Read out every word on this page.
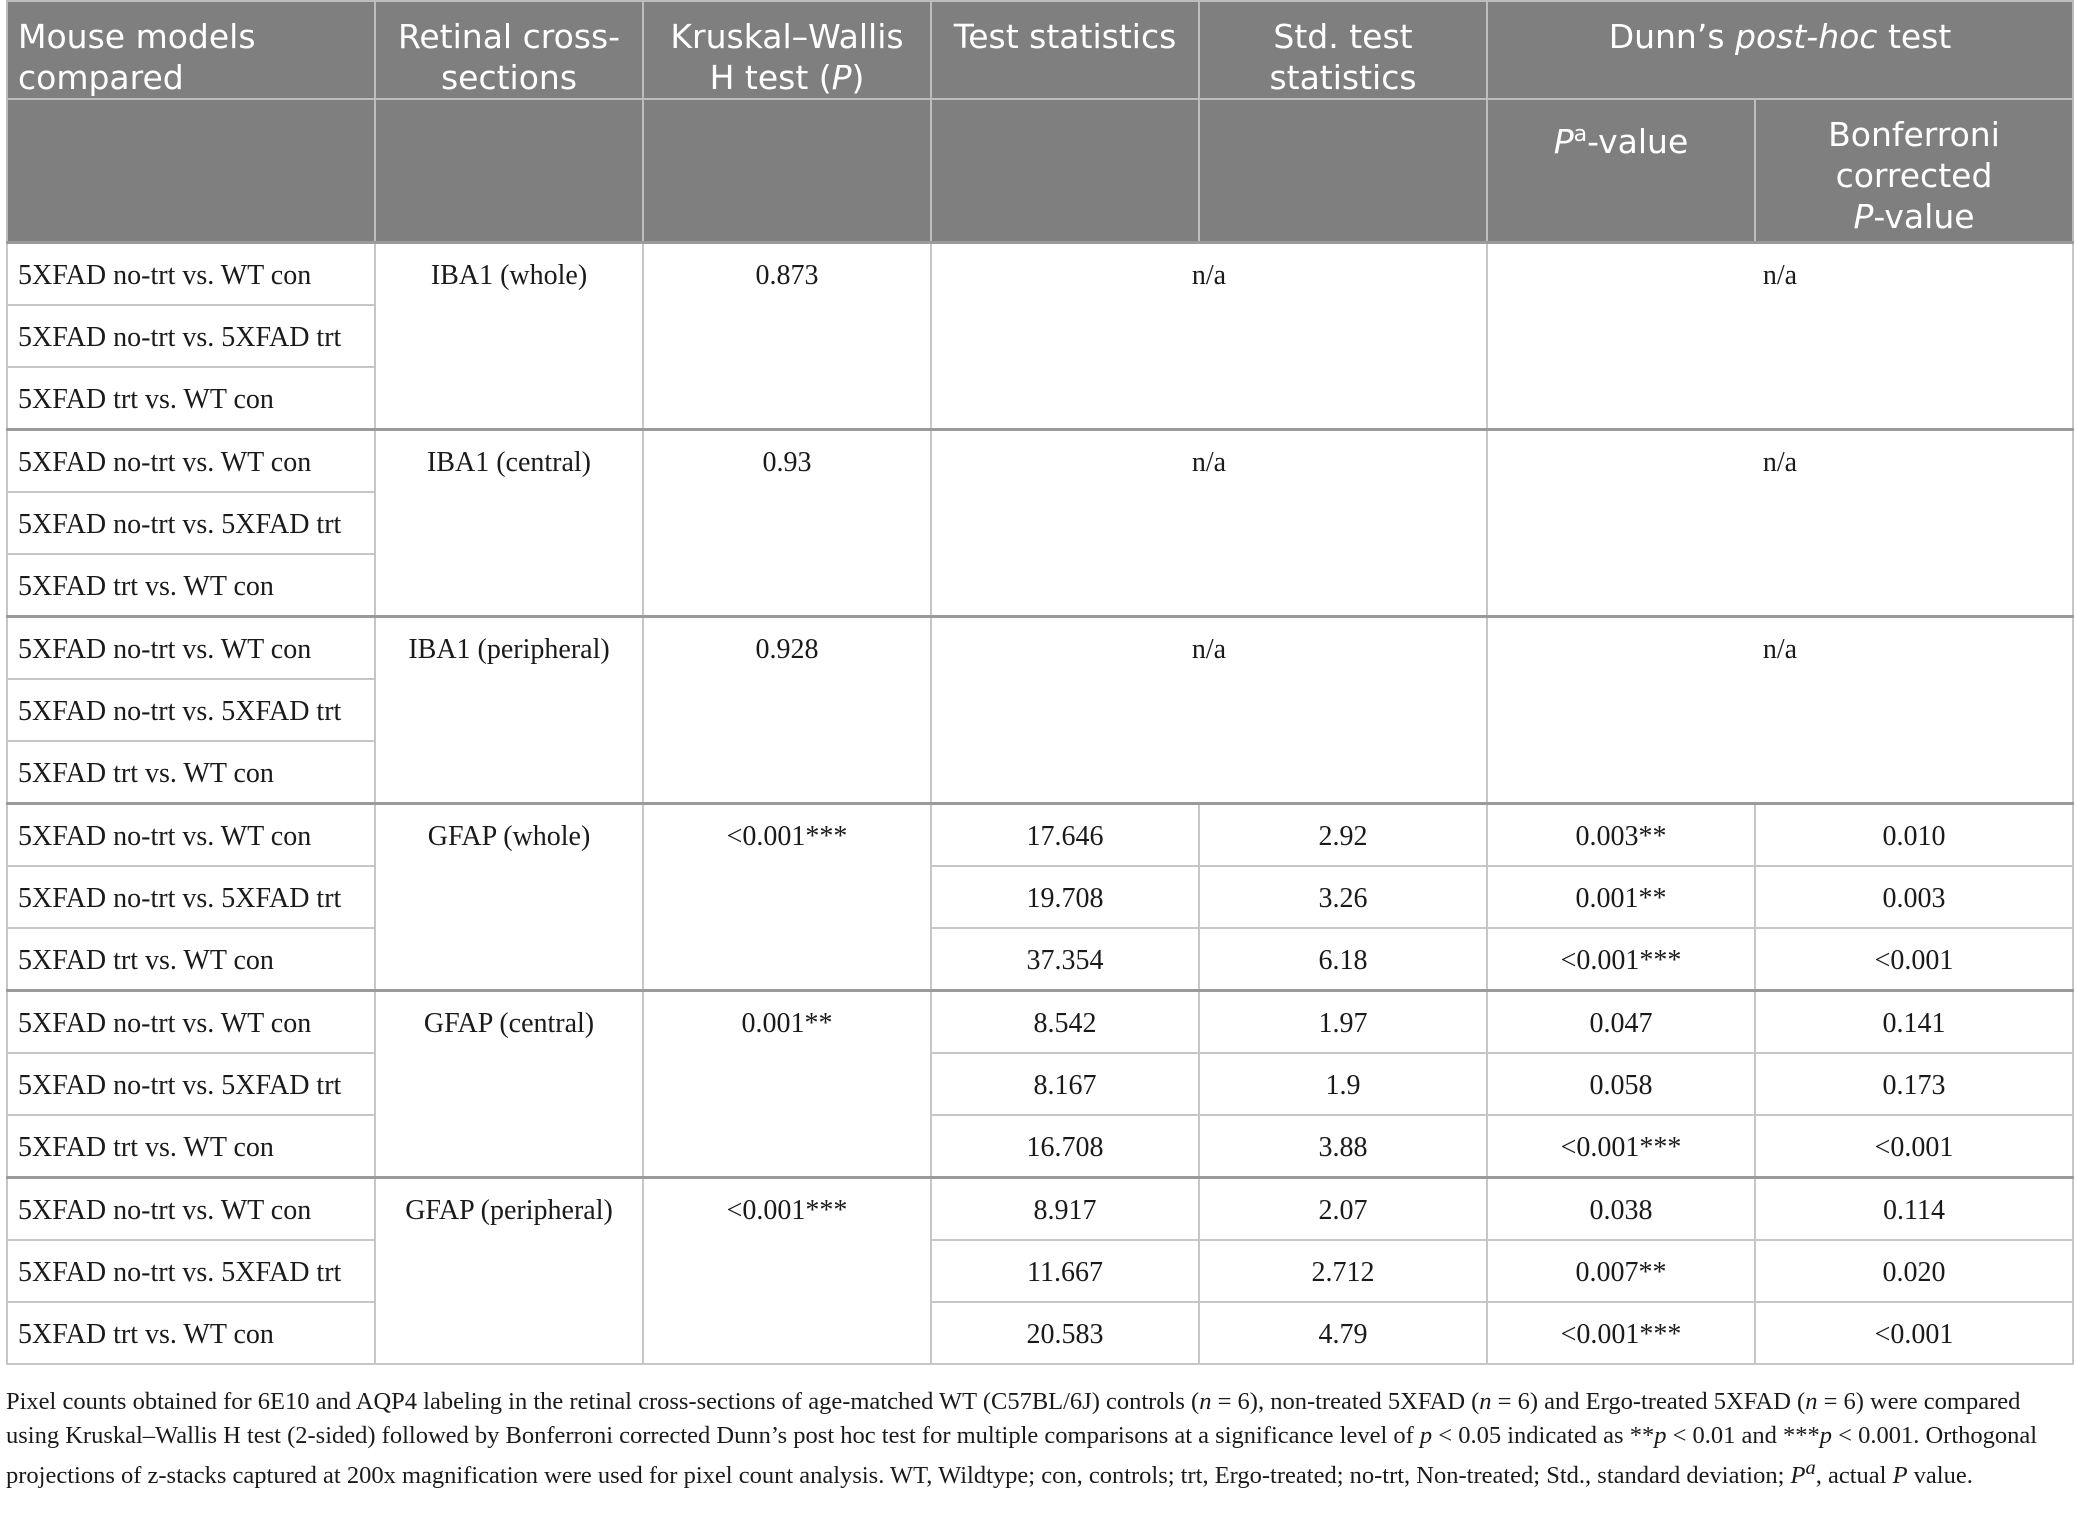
Mouse models compared	Retinal cross-sections	Kruskal–Wallis H test (P)	Test statistics	Std. test statistics	Dunn’s post-hoc test	
					$P^a$-value	Bonferroni corrected
P-value
5XFAD no-trt vs. WT con	IBA1 (whole)	0.873	n/a		n/a	
5XFAD no-trt vs. 5XFAD trt						
5XFAD trt vs. WT con						
5XFAD no-trt vs. WT con	IBA1 (central)	0.93	n/a		n/a	
5XFAD no-trt vs. 5XFAD trt						
5XFAD trt vs. WT con						
5XFAD no-trt vs. WT con	IBA1 (peripheral)	0.928	n/a		n/a	
5XFAD no-trt vs. 5XFAD trt						
5XFAD trt vs. WT con						
5XFAD no-trt vs. WT con	GFAP (whole)	<0.001***	17.646	2.92	0.003**	0.010
5XFAD no-trt vs. 5XFAD trt			19.708	3.26	0.001**	0.003
5XFAD trt vs. WT con			37.354	6.18	<0.001***	<0.001
5XFAD no-trt vs. WT con	GFAP (central)	0.001**	8.542	1.97	0.047	0.141
5XFAD no-trt vs. 5XFAD trt			8.167	1.9	0.058	0.173
5XFAD trt vs. WT con			16.708	3.88	<0.001***	<0.001
5XFAD no-trt vs. WT con	GFAP (peripheral)	<0.001***	8.917	2.07	0.038	0.114
5XFAD no-trt vs. 5XFAD trt			11.667	2.712	0.007**	0.020
5XFAD trt vs. WT con			20.583	4.79	<0.001***	<0.001

Pixel counts obtained for 6E10 and AQP4 labeling in the retinal cross-sections of age-matched WT (C57BL/6J) controls (n = 6), non-treated 5XFAD (n = 6) and Ergo-treated 5XFAD (n = 6) were compared using Kruskal–Wallis H test (2-sided) followed by Bonferroni corrected Dunn’s post hoc test for multiple comparisons at a significance level of p < 0.05 indicated as **p < 0.01 and ***p < 0.001. Orthogonal projections of z-stacks captured at 200x magnification were used for pixel count analysis. WT, Wildtype; con, controls; trt, Ergo-treated; no-trt, Non-treated; Std., standard deviation; $P^a$, actual P value.
